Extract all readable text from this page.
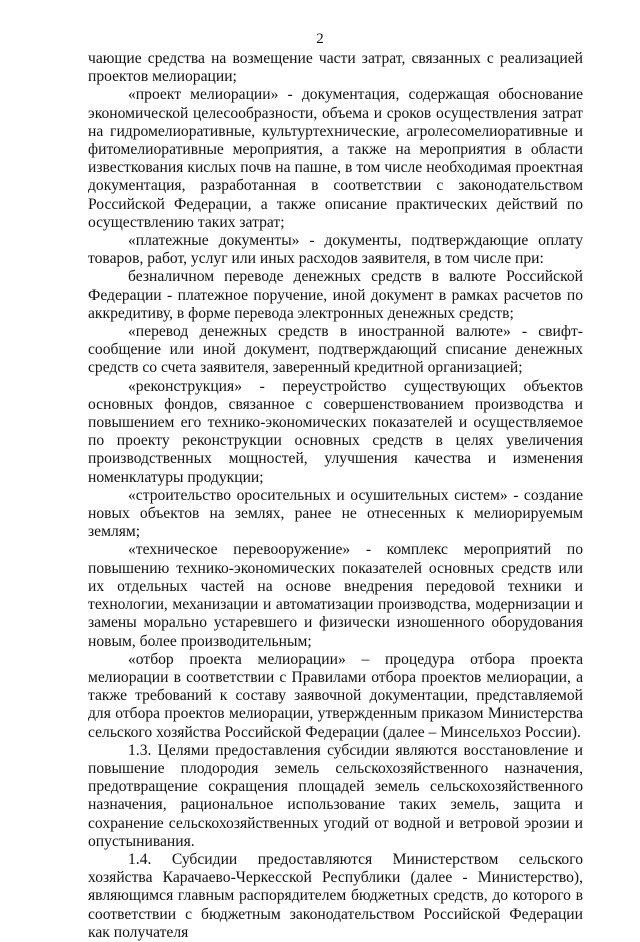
2

чающие средства на возмещение части затрат, связанных с реализацией проектов мелиорации;

«проект мелиорации» - документация, содержащая обоснование экономической целесообразности, объема и сроков осуществления затрат на гидромелиоративные, культуртехнические, агролесомелиоративные и фитомелиоративные мероприятия, а также на мероприятия в области известкования кислых почв на пашне, в том числе необходимая проектная документация, разработанная в соответствии с законодательством Российской Федерации, а также описание практических действий по осуществлению таких затрат;

«платежные документы» - документы, подтверждающие оплату товаров, работ, услуг или иных расходов заявителя, в том числе при:

безналичном переводе денежных средств в валюте Российской Федерации - платежное поручение, иной документ в рамках расчетов по аккредитиву, в форме перевода электронных денежных средств;

«перевод денежных средств в иностранной валюте» - свифт-сообщение или иной документ, подтверждающий списание денежных средств со счета заявителя, заверенный кредитной организацией;

«реконструкция» - переустройство существующих объектов основных фондов, связанное с совершенствованием производства и повышением его технико-экономических показателей и осуществляемое по проекту реконструкции основных средств в целях увеличения производственных мощностей, улучшения качества и изменения номенклатуры продукции;

«строительство оросительных и осушительных систем» - создание новых объектов на землях, ранее не отнесенных к мелиорируемым землям;

«техническое перевооружение» - комплекс мероприятий по повышению технико-экономических показателей основных средств или их отдельных частей на основе внедрения передовой техники и технологии, механизации и автоматизации производства, модернизации и замены морально устаревшего и физически изношенного оборудования новым, более производительным;

«отбор проекта мелиорации» – процедура отбора проекта мелиорации в соответствии с Правилами отбора проектов мелиорации, а также требований к составу заявочной документации, представляемой для отбора проектов мелиорации, утвержденным приказом Министерства сельского хозяйства Российской Федерации (далее – Минсельхоз России).

1.3. Целями предоставления субсидии являются восстановление и повышение плодородия земель сельскохозяйственного назначения, предотвращение сокращения площадей земель сельскохозяйственного назначения, рациональное использование таких земель, защита и сохранение сельскохозяйственных угодий от водной и ветровой эрозии и опустынивания.

1.4. Субсидии предоставляются Министерством сельского хозяйства Карачаево-Черкесской Республики (далее - Министерство), являющимся главным распорядителем бюджетных средств, до которого в соответствии с бюджетным законодательством Российской Федерации как получателя
